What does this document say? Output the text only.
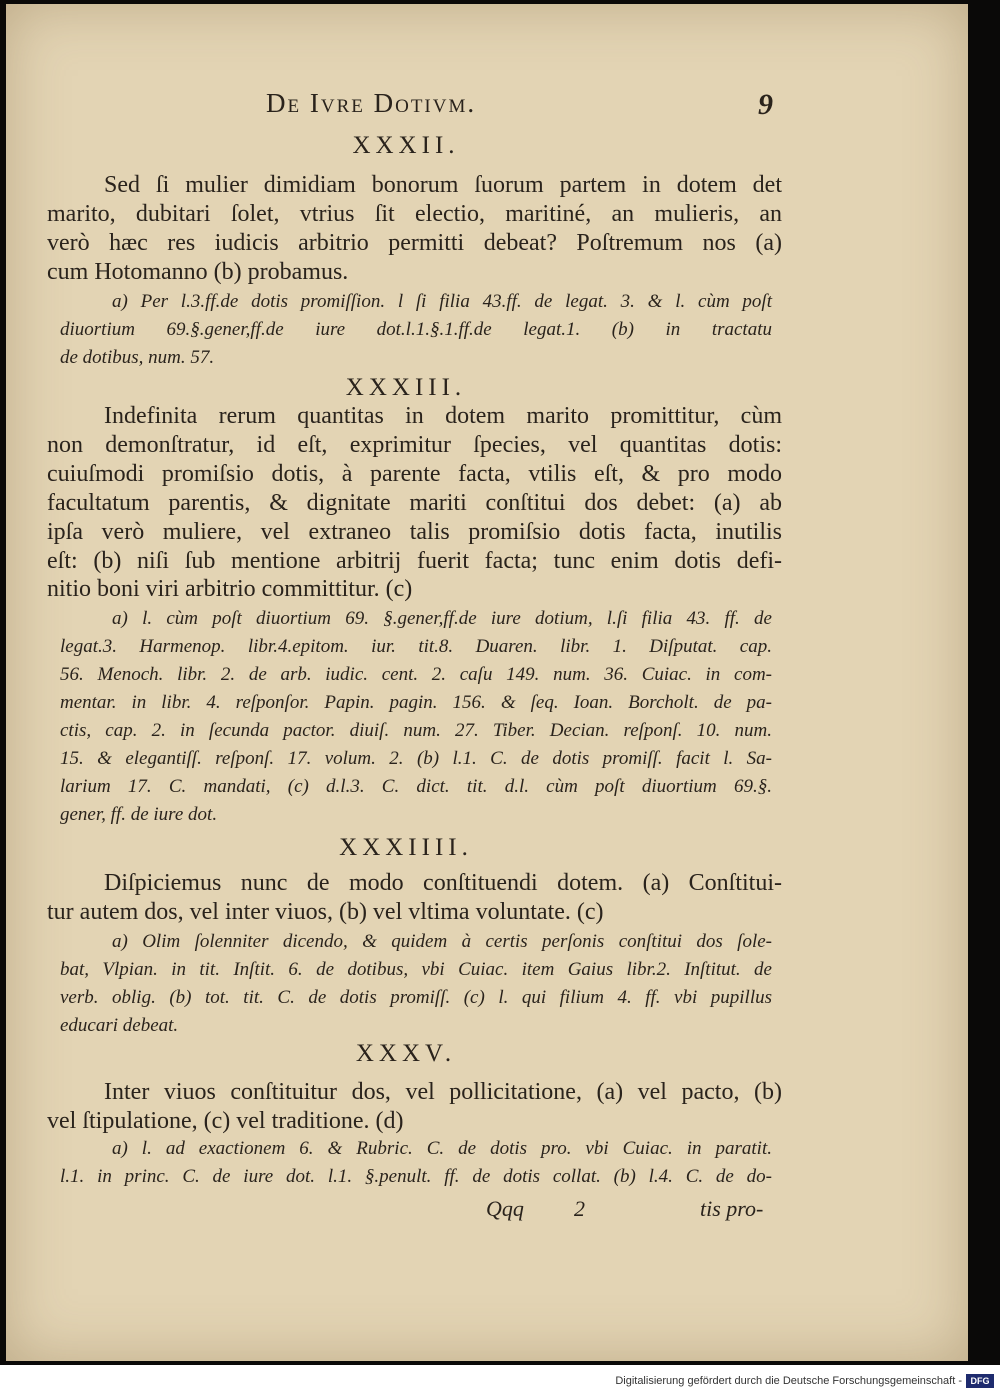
De Ivre Dotivm.	9
XXXII.
Sed ſi mulier dimidiam bonorum ſuorum partem in dotem det
marito, dubitari ſolet, vtrius ſit electio, maritiné, an mulieris, an
verò hæc res iudicis arbitrio permitti debeat? Poſtremum nos (a)
cum Hotomanno (b) probamus.
a) Per l.3.ff.de dotis promiſſion. l ſi filia 43.ff. de legat. 3. & l. cùm poſt
diuortium 69.§.gener,ff.de iure dot.l.1.§.1.ff.de legat.1. (b) in tractatu
de dotibus, num. 57.
XXXIII.
Indefinita rerum quantitas in dotem marito promittitur, cùm
non demonſtratur, id eſt, exprimitur ſpecies, vel quantitas dotis:
cuiuſmodi promiſsio dotis, à parente facta, vtilis eſt, & pro modo
facultatum parentis, & dignitate mariti conſtitui dos debet: (a) ab
ipſa verò muliere, vel extraneo talis promiſsio dotis facta, inutilis
eſt: (b) niſi ſub mentione arbitrij fuerit facta; tunc enim dotis defi-
nitio boni viri arbitrio committitur. (c)
a) l. cùm poſt diuortium 69. §.gener,ff.de iure dotium, l.ſi filia 43. ff. de
legat.3. Harmenop. libr.4.epitom. iur. tit.8. Duaren. libr. 1. Diſputat. cap.
56. Menoch. libr. 2. de arb. iudic. cent. 2. caſu 149. num. 36. Cuiac. in com-
mentar. in libr. 4. reſponſor. Papin. pagin. 156. & ſeq. Ioan. Borcholt. de pa-
ctis, cap. 2. in ſecunda pactor. diuiſ. num. 27. Tiber. Decian. reſponſ. 10. num.
15. & elegantiſſ. reſponſ. 17. volum. 2. (b) l.1. C. de dotis promiſſ. facit l. Sa-
larium 17. C. mandati, (c) d.l.3. C. dict. tit. d.l. cùm poſt diuortium 69.§.
gener, ff. de iure dot.
XXXIIII.
Diſpiciemus nunc de modo conſtituendi dotem. (a) Conſtitui-
tur autem dos, vel inter viuos, (b) vel vltima voluntate. (c)
a) Olim ſolenniter dicendo, & quidem à certis perſonis conſtitui dos ſole-
bat, Vlpian. in tit. Inſtit. 6. de dotibus, vbi Cuiac. item Gaius libr.2. Inſtitut. de
verb. oblig. (b) tot. tit. C. de dotis promiſſ. (c) l. qui filium 4. ff. vbi pupillus
educari debeat.
XXXV.
Inter viuos conſtituitur dos, vel pollicitatione, (a) vel pacto, (b)
vel ſtipulatione, (c) vel traditione. (d)
a) l. ad exactionem 6. & Rubric. C. de dotis pro. vbi Cuiac. in paratit.
l.1. in princ. C. de iure dot. l.1. §.penult. ff. de dotis collat. (b) l.4. C. de do-
Qqq 2	tis pro-
Digitalisierung gefördert durch die Deutsche Forschungsgemeinschaft - DFG
